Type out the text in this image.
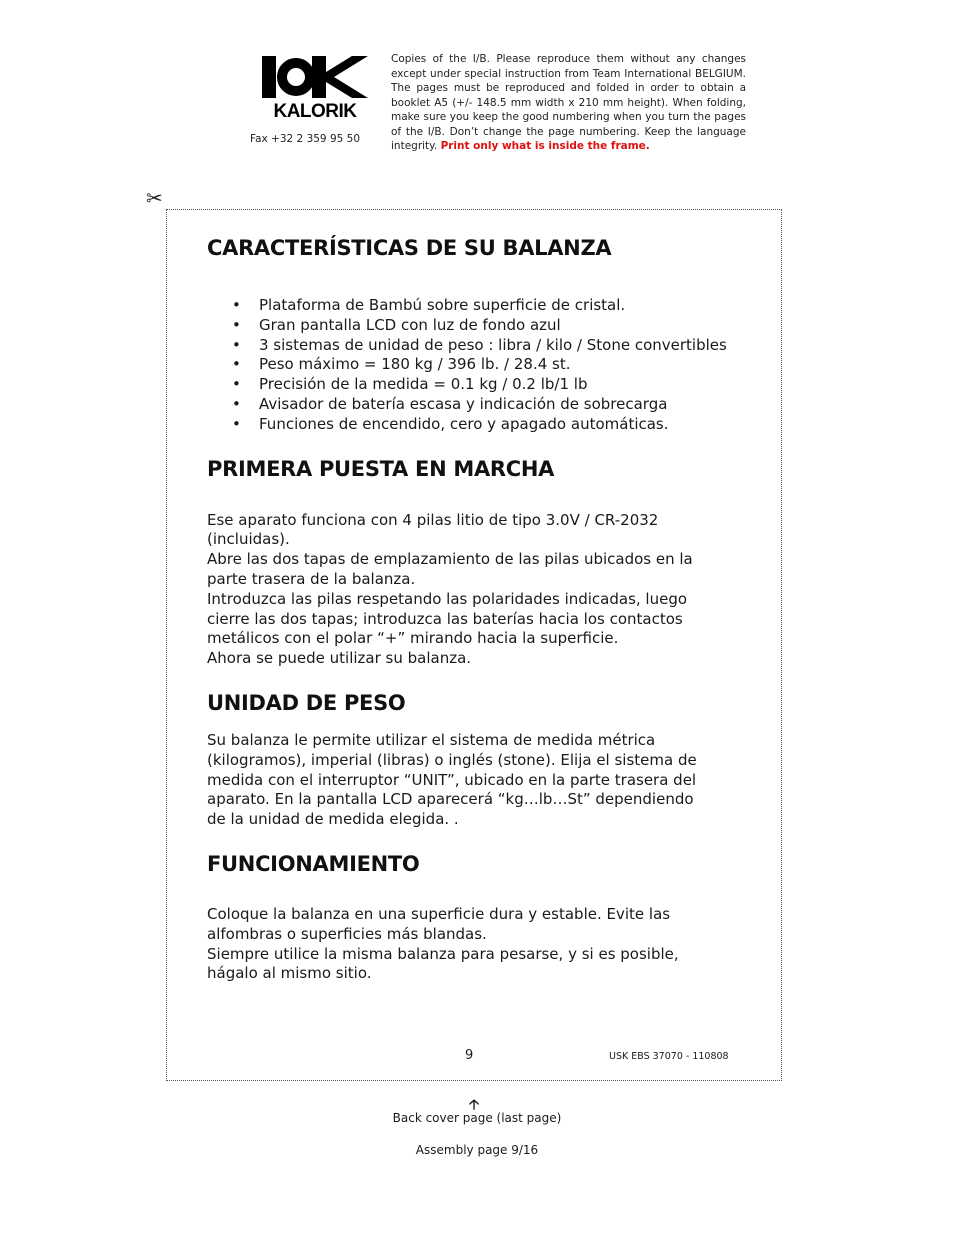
KALORIK
Fax +32 2 359 95 50
Copies of the I/B. Please reproduce them without any changes except under special instruction from Team International BELGIUM. The pages must be reproduced and folded in order to obtain a booklet A5 (+/- 148.5 mm width x 210 mm height). When folding, make sure you keep the good numbering when you turn the pages of the I/B. Don’t change the page numbering. Keep the language integrity. Print only what is inside the frame.
✂
CARACTERÍSTICAS DE SU BALANZA
• Plataforma de Bambú sobre superficie de cristal.
• Gran pantalla LCD con luz de fondo azul
• 3 sistemas de unidad de peso : libra / kilo / Stone convertibles
• Peso máximo = 180 kg / 396 lb. / 28.4 st.
• Precisión de la medida = 0.1 kg / 0.2 lb/1 lb
• Avisador de batería escasa y indicación de sobrecarga
• Funciones de encendido, cero y apagado automáticas.
PRIMERA PUESTA EN MARCHA

Ese aparato funciona con 4 pilas litio de tipo 3.0V / CR-2032

(incluidas).

Abre las dos tapas de emplazamiento de las pilas ubicados en la

parte trasera de la balanza.

Introduzca las pilas respetando las polaridades indicadas, luego

cierre las dos tapas; introduzca las baterías hacia los contactos

metálicos con el polar “+” mirando hacia la superficie.

Ahora se puede utilizar su balanza.

UNIDAD DE PESO

Su balanza le permite utilizar el sistema de medida métrica

(kilogramos), imperial (libras) o inglés (stone). Elija el sistema de

medida con el interruptor “UNIT”, ubicado en la parte trasera del

aparato. En la pantalla LCD aparecerá “kg…lb…St” dependiendo

de la unidad de medida elegida. .

FUNCIONAMIENTO

Coloque la balanza en una superficie dura y estable. Evite las

alfombras o superficies más blandas.

Siempre utilice la misma balanza para pesarse, y si es posible,

hágalo al mismo sitio.

9	USK EBS 37070 - 110808
🡡
Back cover page (last page)
Assembly page 9/16
